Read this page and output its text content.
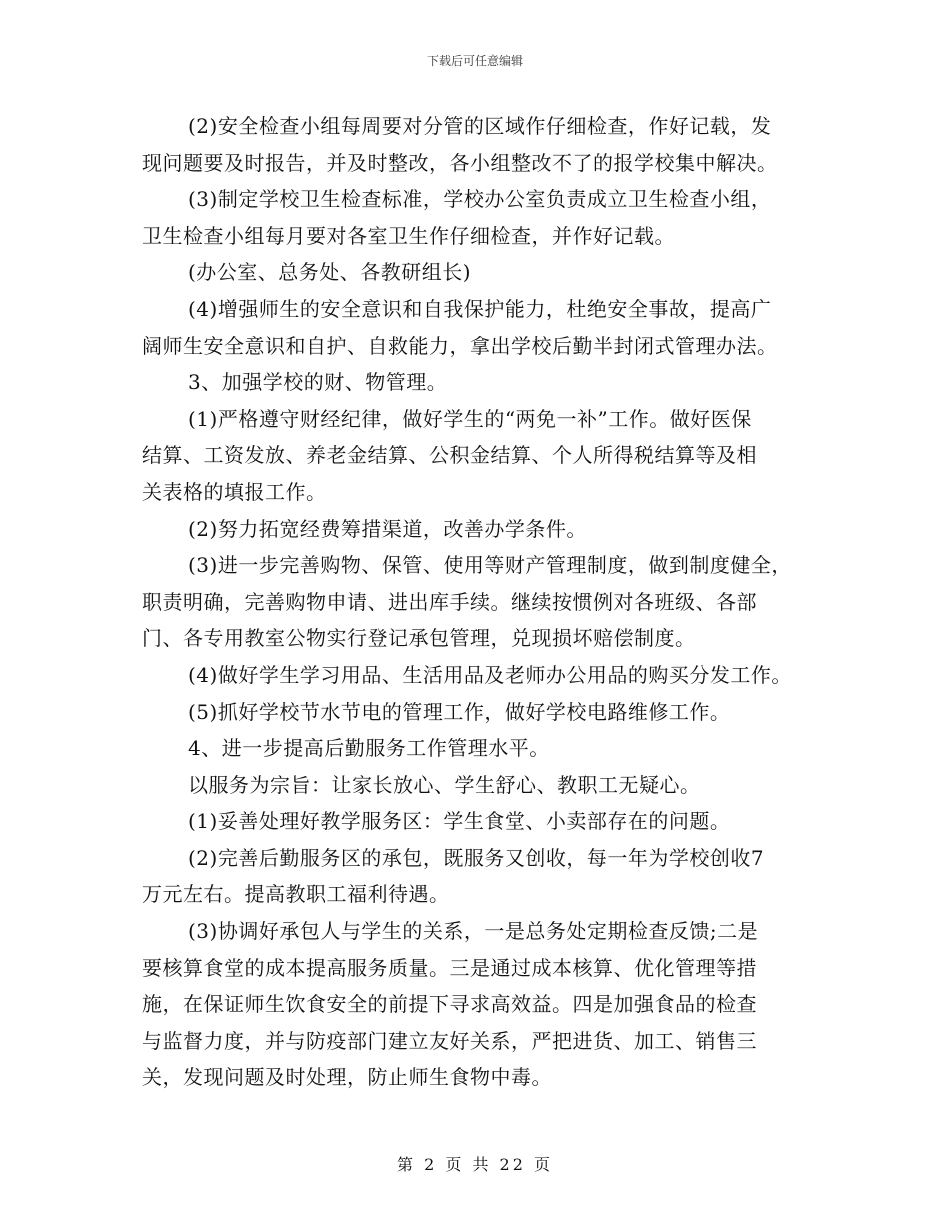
下载后可任意编辑
(2)安全检查小组每周要对分管的区域作仔细检查，作好记载，发
现问题要及时报告，并及时整改，各小组整改不了的报学校集中解决。
(3)制定学校卫生检查标准，学校办公室负责成立卫生检查小组，
卫生检查小组每月要对各室卫生作仔细检查，并作好记载。
(办公室、总务处、各教研组长)
(4)增强师生的安全意识和自我保护能力，杜绝安全事故，提高广
阔师生安全意识和自护、自救能力，拿出学校后勤半封闭式管理办法。
3、加强学校的财、物管理。
(1)严格遵守财经纪律，做好学生的“两免一补”工作。做好医保
结算、工资发放、养老金结算、公积金结算、个人所得税结算等及相
关表格的填报工作。
(2)努力拓宽经费筹措渠道，改善办学条件。
(3)进一步完善购物、保管、使用等财产管理制度，做到制度健全，
职责明确，完善购物申请、进出库手续。继续按惯例对各班级、各部
门、各专用教室公物实行登记承包管理，兑现损坏赔偿制度。
(4)做好学生学习用品、生活用品及老师办公用品的购买分发工作。
(5)抓好学校节水节电的管理工作，做好学校电路维修工作。
4、进一步提高后勤服务工作管理水平。
以服务为宗旨：让家长放心、学生舒心、教职工无疑心。
(1)妥善处理好教学服务区：学生食堂、小卖部存在的问题。
(2)完善后勤服务区的承包，既服务又创收，每一年为学校创收7
万元左右。提高教职工福利待遇。
(3)协调好承包人与学生的关系，一是总务处定期检查反馈;二是
要核算食堂的成本提高服务质量。三是通过成本核算、优化管理等措
施，在保证师生饮食安全的前提下寻求高效益。四是加强食品的检查
与监督力度，并与防疫部门建立友好关系，严把进货、加工、销售三
关，发现问题及时处理，防止师生食物中毒。
第 2 页 共 22 页
